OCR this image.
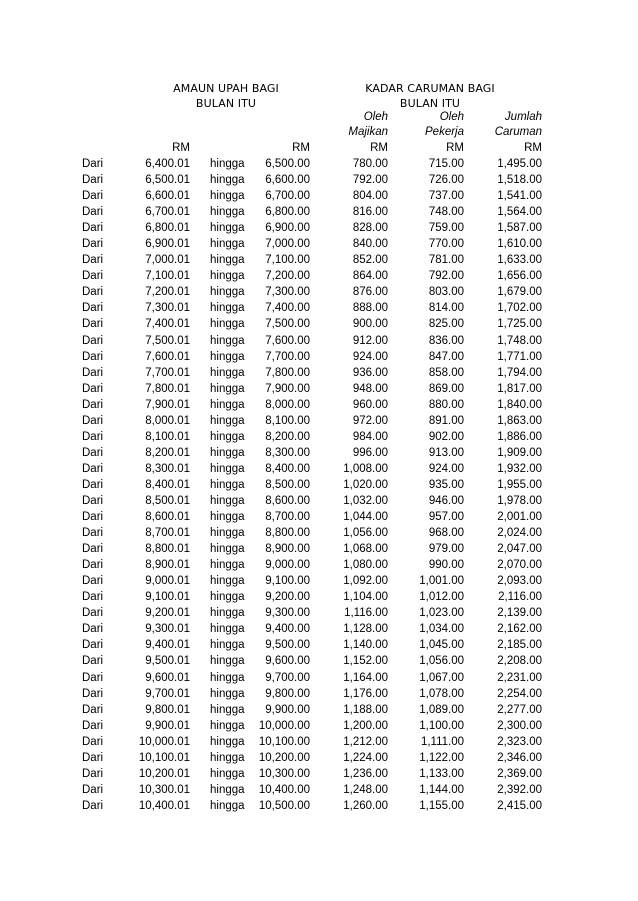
AMAUN UPAH BAGI
BULAN ITU
KADAR CARUMAN BAGI
BULAN ITU
Oleh
Majikan
Oleh
Pekerja
Jumlah
Caruman
RM	RM	RM	RM	RM
Dari	6,400.01 hingga 6,500.00	780.00	715.00	1,495.00
Dari	6,500.01 hingga 6,600.00	792.00	726.00	1,518.00
Dari	6,600.01 hingga 6,700.00	804.00	737.00	1,541.00
Dari	6,700.01 hingga 6,800.00	816.00	748.00	1,564.00
Dari	6,800.01 hingga 6,900.00	828.00	759.00	1,587.00
Dari	6,900.01 hingga 7,000.00	840.00	770.00	1,610.00
Dari	7,000.01 hingga 7,100.00	852.00	781.00	1,633.00
Dari	7,100.01 hingga 7,200.00	864.00	792.00	1,656.00
Dari	7,200.01 hingga 7,300.00	876.00	803.00	1,679.00
Dari	7,300.01 hingga 7,400.00	888.00	814.00	1,702.00
Dari	7,400.01 hingga 7,500.00	900.00	825.00	1,725.00
Dari	7,500.01 hingga 7,600.00	912.00	836.00	1,748.00
Dari	7,600.01 hingga 7,700.00	924.00	847.00	1,771.00
Dari	7,700.01 hingga 7,800.00	936.00	858.00	1,794.00
Dari	7,800.01 hingga 7,900.00	948.00	869.00	1,817.00
Dari	7,900.01 hingga 8,000.00	960.00	880.00	1,840.00
Dari	8,000.01 hingga 8,100.00	972.00	891.00	1,863.00
Dari	8,100.01 hingga 8,200.00	984.00	902.00	1,886.00
Dari	8,200.01 hingga 8,300.00	996.00	913.00	1,909.00
Dari	8,300.01 hingga 8,400.00	1,008.00	924.00	1,932.00
Dari	8,400.01 hingga 8,500.00	1,020.00	935.00	1,955.00
Dari	8,500.01 hingga 8,600.00	1,032.00	946.00	1,978.00
Dari	8,600.01 hingga 8,700.00	1,044.00	957.00	2,001.00
Dari	8,700.01 hingga 8,800.00	1,056.00	968.00	2,024.00
Dari	8,800.01 hingga 8,900.00	1,068.00	979.00	2,047.00
Dari	8,900.01 hingga 9,000.00	1,080.00	990.00	2,070.00
Dari	9,000.01 hingga 9,100.00	1,092.00	1,001.00	2,093.00
Dari	9,100.01 hingga 9,200.00	1,104.00	1,012.00	2,116.00
Dari	9,200.01 hingga 9,300.00	1,116.00	1,023.00	2,139.00
Dari	9,300.01 hingga 9,400.00	1,128.00	1,034.00	2,162.00
Dari	9,400.01 hingga 9,500.00	1,140.00	1,045.00	2,185.00
Dari	9,500.01 hingga 9,600.00	1,152.00	1,056.00	2,208.00
Dari	9,600.01 hingga 9,700.00	1,164.00	1,067.00	2,231.00
Dari	9,700.01 hingga 9,800.00	1,176.00	1,078.00	2,254.00
Dari	9,800.01 hingga 9,900.00	1,188.00	1,089.00	2,277.00
Dari	9,900.01 hingga 10,000.00	1,200.00	1,100.00	2,300.00
Dari	10,000.01 hingga 10,100.00	1,212.00	1,111.00	2,323.00
Dari	10,100.01 hingga 10,200.00	1,224.00	1,122.00	2,346.00
Dari	10,200.01 hingga 10,300.00	1,236.00	1,133.00	2,369.00
Dari	10,300.01 hingga 10,400.00	1,248.00	1,144.00	2,392.00
Dari	10,400.01 hingga 10,500.00	1,260.00	1,155.00	2,415.00
